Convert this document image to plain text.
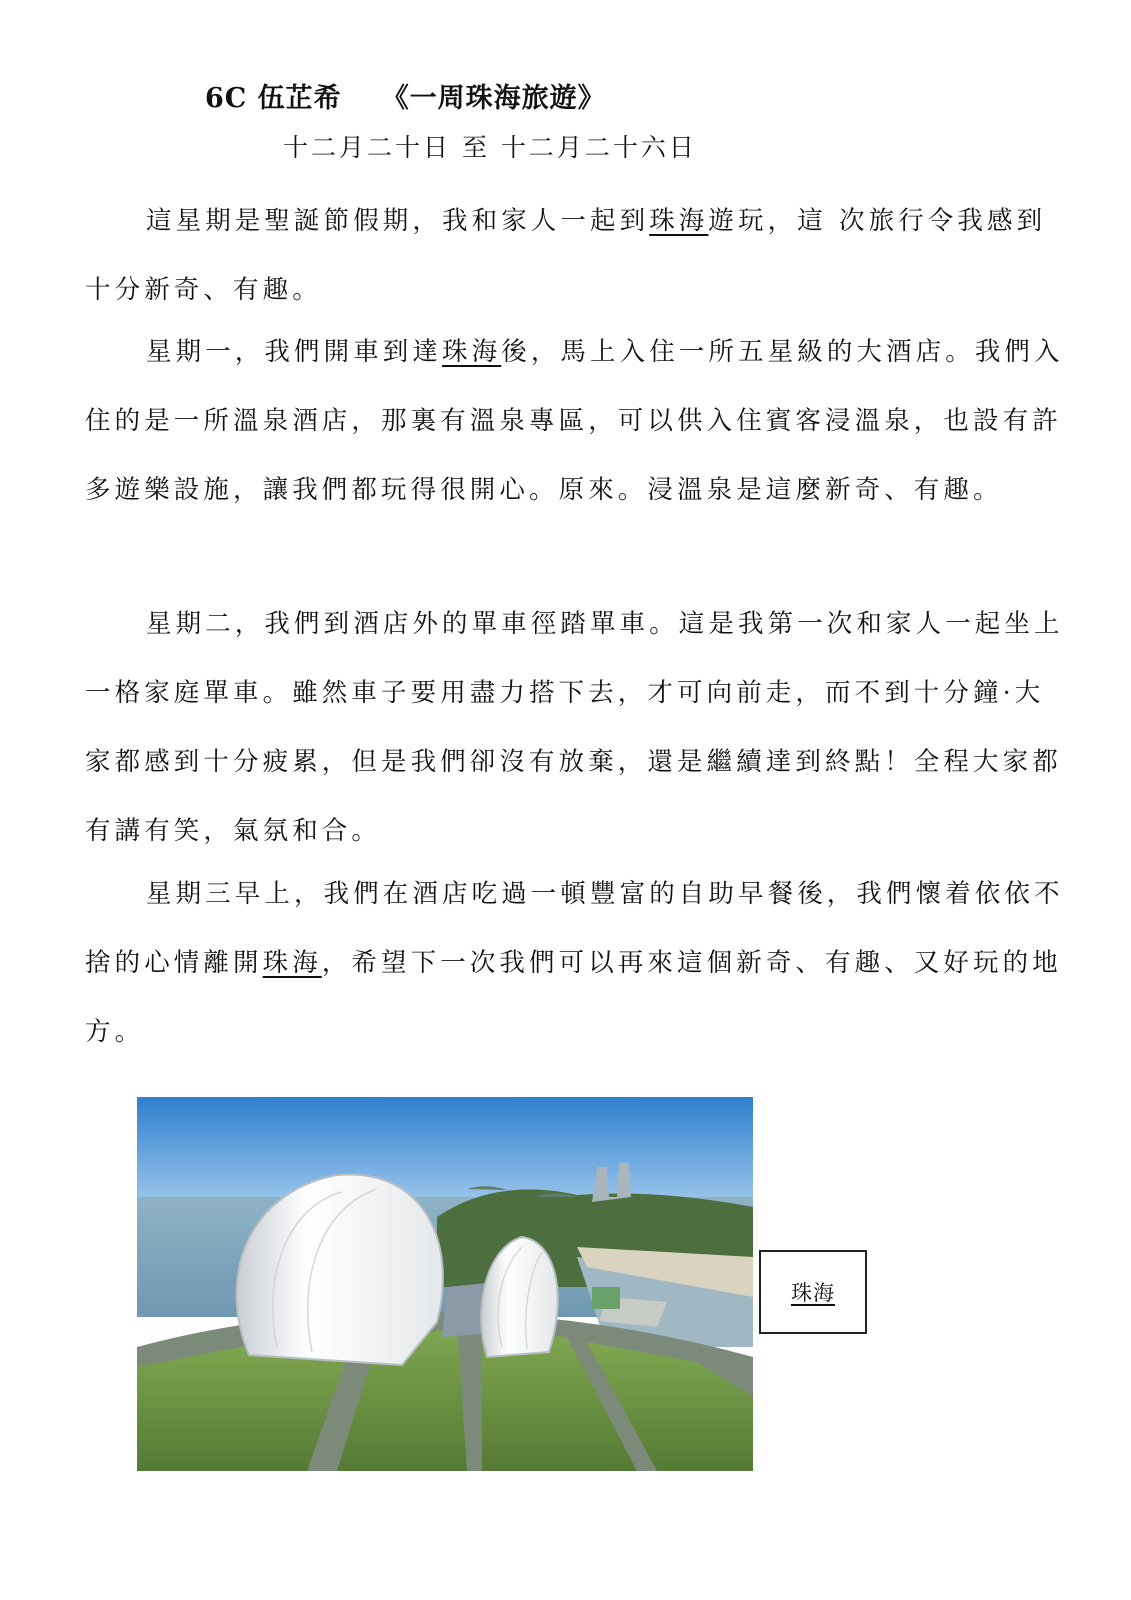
6C 伍芷希 《一周珠海旅遊》
十二月二十日 至 十二月二十六日

這星期是聖誕節假期，我和家人一起到珠海遊玩，這 次旅行令我感到十分新奇、有趣。

星期一，我們開車到達珠海後，馬上入住一所五星級的大酒店。我們入住的是一所溫泉酒店，那裏有溫泉專區，可以供入住賓客浸溫泉，也設有許多遊樂設施，讓我們都玩得很開心。原來。浸溫泉是這麼新奇、有趣。

星期二，我們到酒店外的單車徑踏單車。這是我第一次和家人一起坐上一格家庭單車。雖然車子要用盡力搭下去，才可向前走，而不到十分鐘·大家都感到十分疲累，但是我們卻沒有放棄，還是繼續達到終點！全程大家都有講有笑，氣氛和合。

星期三早上，我們在酒店吃過一頓豐富的自助早餐後，我們懷着依依不捨的心情離開珠海，希望下一次我們可以再來這個新奇、有趣、又好玩的地方。

珠海
